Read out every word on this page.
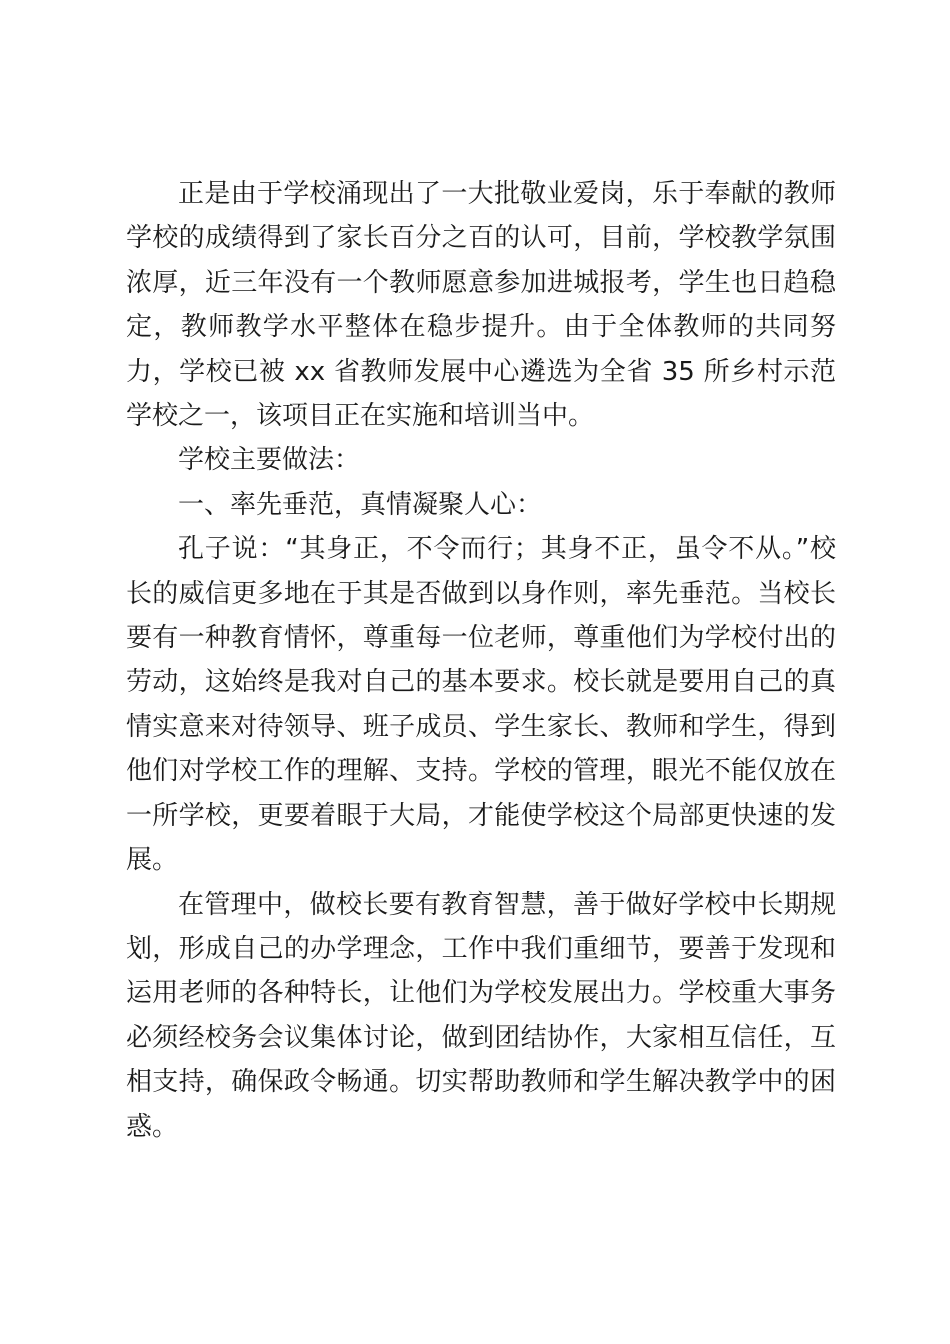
正是由于学校涌现出了一大批敬业爱岗，乐于奉献的教师学校的成绩得到了家长百分之百的认可，目前，学校教学氛围浓厚，近三年没有一个教师愿意参加进城报考，学生也日趋稳定，教师教学水平整体在稳步提升。由于全体教师的共同努力，学校已被 xx 省教师发展中心遴选为全省 35 所乡村示范学校之一，该项目正在实施和培训当中。

学校主要做法：

一、率先垂范，真情凝聚人心：

孔子说：“其身正，不令而行；其身不正，虽令不从。”校长的威信更多地在于其是否做到以身作则，率先垂范。当校长要有一种教育情怀，尊重每一位老师，尊重他们为学校付出的劳动，这始终是我对自己的基本要求。校长就是要用自己的真情实意来对待领导、班子成员、学生家长、教师和学生，得到他们对学校工作的理解、支持。学校的管理，眼光不能仅放在一所学校，更要着眼于大局，才能使学校这个局部更快速的发展。

在管理中，做校长要有教育智慧，善于做好学校中长期规划，形成自己的办学理念，工作中我们重细节，要善于发现和运用老师的各种特长，让他们为学校发展出力。学校重大事务必须经校务会议集体讨论，做到团结协作，大家相互信任，互相支持，确保政令畅通。切实帮助教师和学生解决教学中的困惑。
